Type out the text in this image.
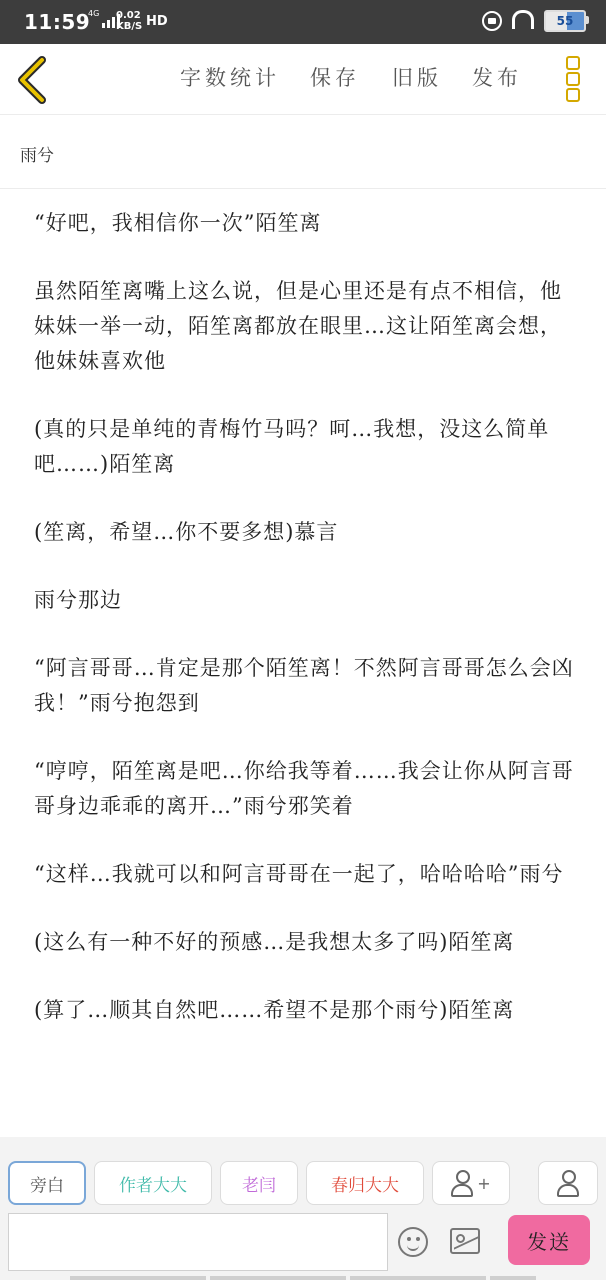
11:59
4G 0.02
KB/S HD	55
字数统计	保存	旧版	发布
雨兮

“好吧，我相信你一次”陌笙离

虽然陌笙离嘴上这么说，但是心里还是有点不相信，他妹妹一举一动，陌笙离都放在眼里…这让陌笙离会想，他妹妹喜欢他

(真的只是单纯的青梅竹马吗？呵…我想，没这么简单吧……)陌笙离

(笙离，希望…你不要多想)慕言

雨兮那边

“阿言哥哥…肯定是那个陌笙离！不然阿言哥哥怎么会凶我！”雨兮抱怨到

“哼哼，陌笙离是吧…你给我等着……我会让你从阿言哥哥身边乖乖的离开…”雨兮邪笑着

“这样…我就可以和阿言哥哥在一起了，哈哈哈哈”雨兮

(这么有一种不好的预感…是我想太多了吗)陌笙离

(算了…顺其自然吧……希望不是那个雨兮)陌笙离

旁白	作者大大	老闫	春归大大	+
发送
